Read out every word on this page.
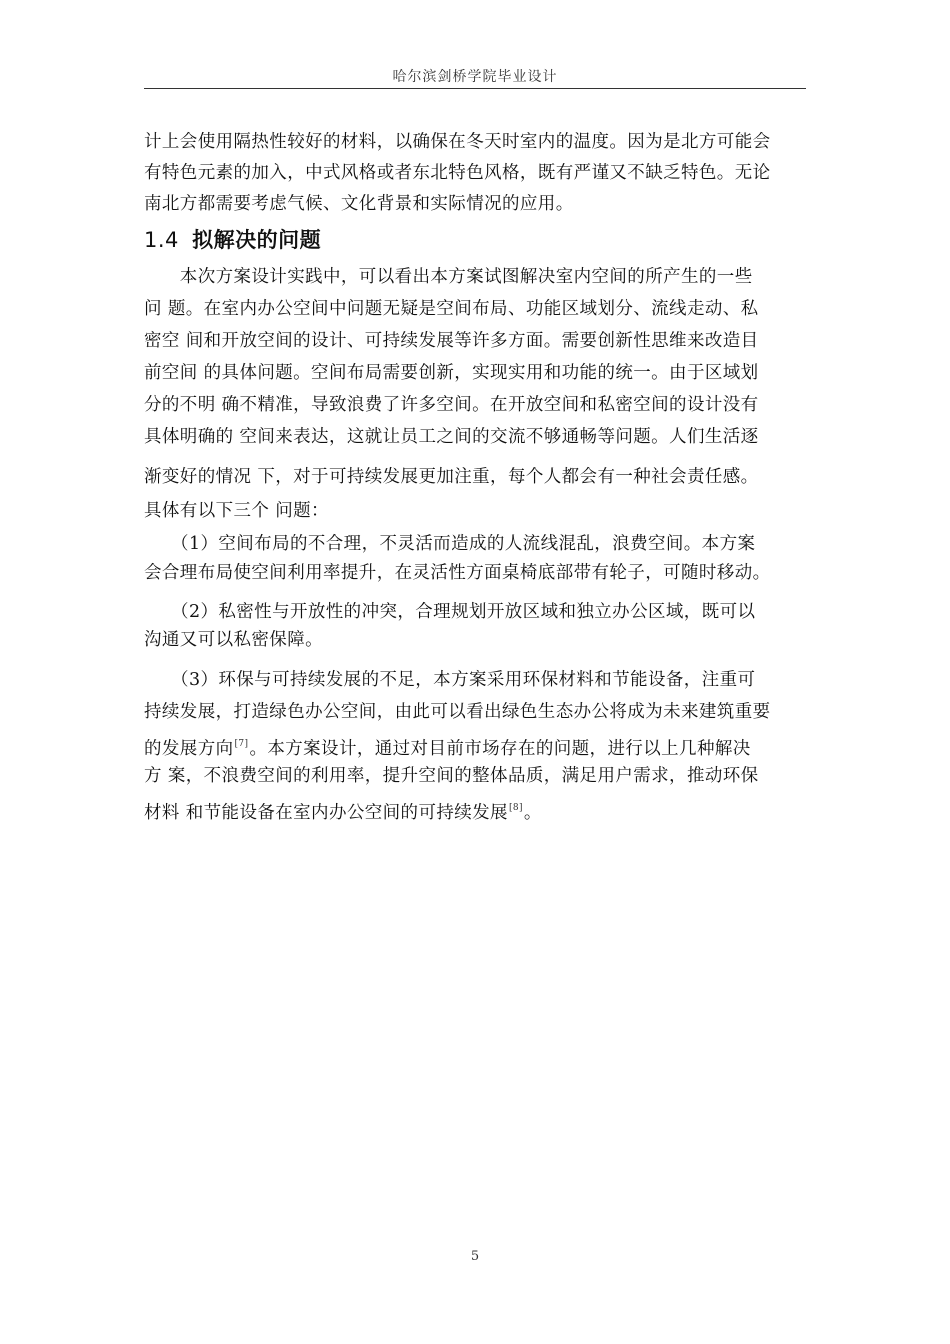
哈尔滨剑桥学院毕业设计
计上会使用隔热性较好的材料，以确保在冬天时室内的温度。因为是北方可能会
有特色元素的加入，中式风格或者东北特色风格，既有严谨又不缺乏特色。无论
南北方都需要考虑气候、文化背景和实际情况的应用。
1.4 拟解决的问题
　　本次方案设计实践中，可以看出本方案试图解决室内空间的所产生的一些
问 题。在室内办公空间中问题无疑是空间布局、功能区域划分、流线走动、私
密空 间和开放空间的设计、可持续发展等许多方面。需要创新性思维来改造目
前空间 的具体问题。空间布局需要创新，实现实用和功能的统一。由于区域划
分的不明 确不精准，导致浪费了许多空间。在开放空间和私密空间的设计没有
具体明确的 空间来表达，这就让员工之间的交流不够通畅等问题。人们生活逐
渐变好的情况 下，对于可持续发展更加注重，每个人都会有一种社会责任感。
具体有以下三个 问题：
　　（1）空间布局的不合理，不灵活而造成的人流线混乱，浪费空间。本方案
会合理布局使空间利用率提升，在灵活性方面桌椅底部带有轮子，可随时移动。
　　（2）私密性与开放性的冲突，合理规划开放区域和独立办公区域，既可以
沟通又可以私密保障。
　　（3）环保与可持续发展的不足，本方案采用环保材料和节能设备，注重可
持续发展，打造绿色办公空间，由此可以看出绿色生态办公将成为未来建筑重要
的发展方向[7]。本方案设计，通过对目前市场存在的问题，进行以上几种解决
方 案，不浪费空间的利用率，提升空间的整体品质，满足用户需求，推动环保
材料 和节能设备在室内办公空间的可持续发展[8]。
5
